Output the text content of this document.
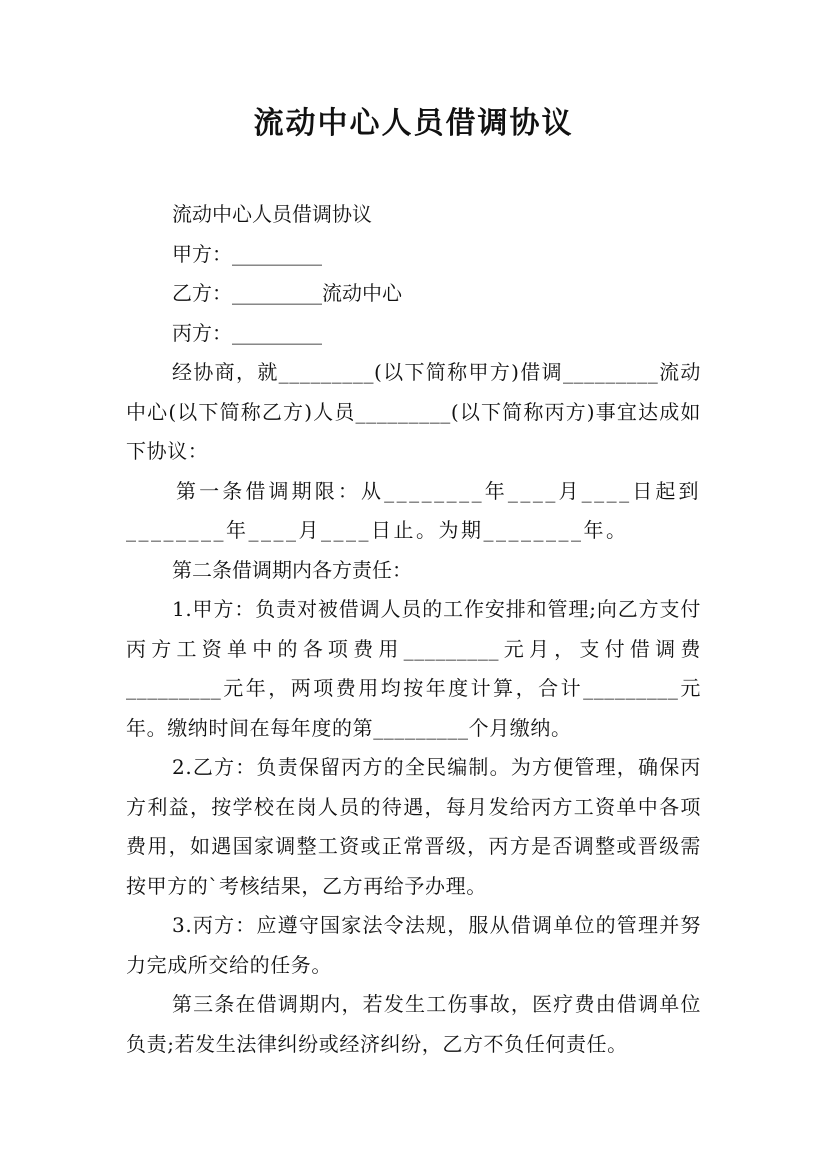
流动中心人员借调协议

流动中心人员借调协议

甲方：_________

乙方：_________流动中心

丙方：_________

经协商，就_________(以下简称甲方)借调_________流动中心(以下简称乙方)人员_________(以下简称丙方)事宜达成如下协议：

第一条借调期限：从________年____月____日起到________年____月____日止。为期________年。

第二条借调期内各方责任：

1.甲方：负责对被借调人员的工作安排和管理;向乙方支付丙方工资单中的各项费用_________元月，支付借调费_________元年，两项费用均按年度计算，合计_________元年。缴纳时间在每年度的第_________个月缴纳。

2.乙方：负责保留丙方的全民编制。为方便管理，确保丙方利益，按学校在岗人员的待遇，每月发给丙方工资单中各项费用，如遇国家调整工资或正常晋级，丙方是否调整或晋级需按甲方的`考核结果，乙方再给予办理。

3.丙方：应遵守国家法令法规，服从借调单位的管理并努力完成所交给的任务。

第三条在借调期内，若发生工伤事故，医疗费由借调单位负责;若发生法律纠纷或经济纠纷，乙方不负任何责任。
